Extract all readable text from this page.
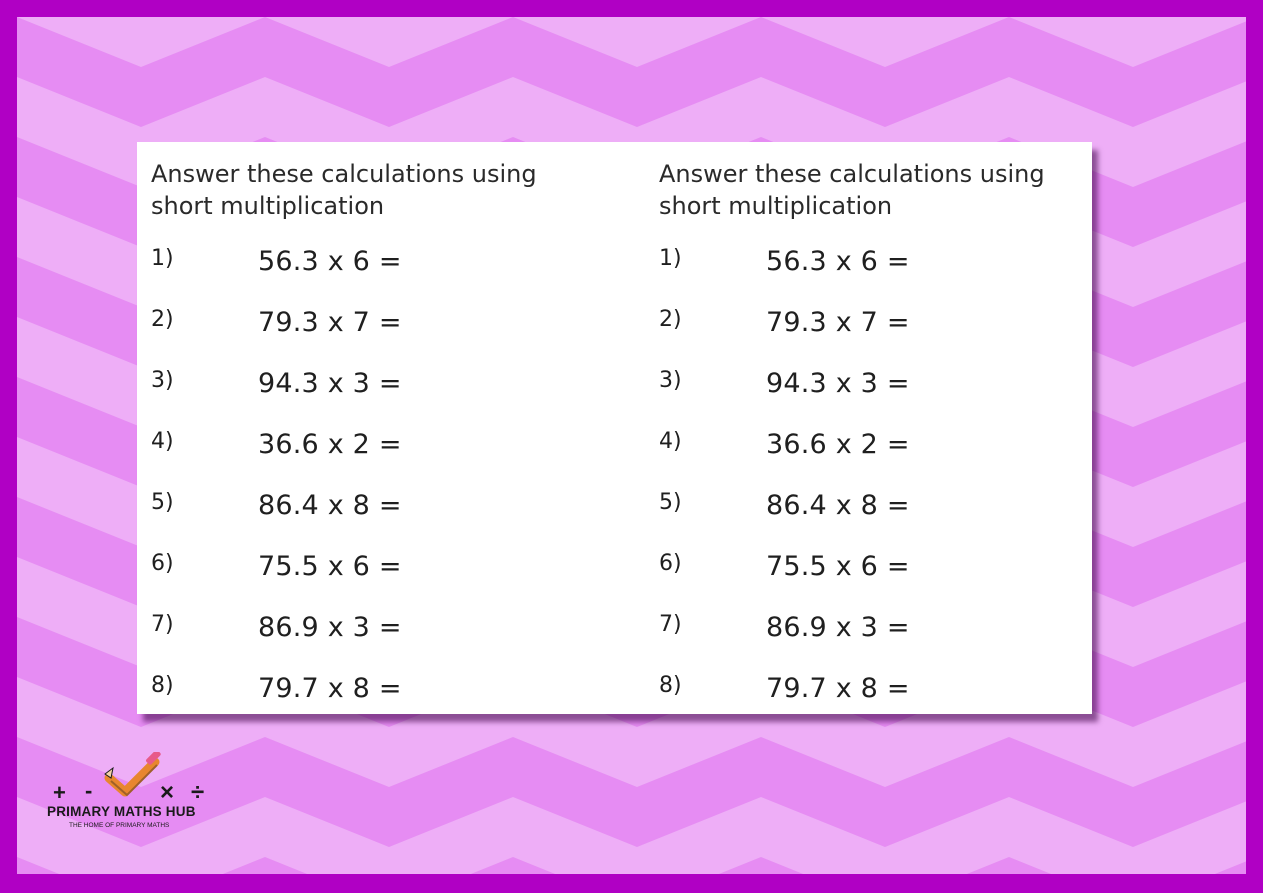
Answer these calculations using short multiplication

1)	56.3 x 6 =
2)	79.3 x 7 =
3)	94.3 x 3 =
4)	36.6 x 2 =
5)	86.4 x 8 =
6)	75.5 x 6 =
7)	86.9 x 3 =
8)	79.7 x 8 =

Answer these calculations using short multiplication

1)	56.3 x 6 =
2)	79.3 x 7 =
3)	94.3 x 3 =
4)	36.6 x 2 =
5)	86.4 x 8 =
6)	75.5 x 6 =
7)	86.9 x 3 =
8)	79.7 x 8 =
+ -	× ÷
PRIMARY MATHS HUB
THE HOME OF PRIMARY MATHS
